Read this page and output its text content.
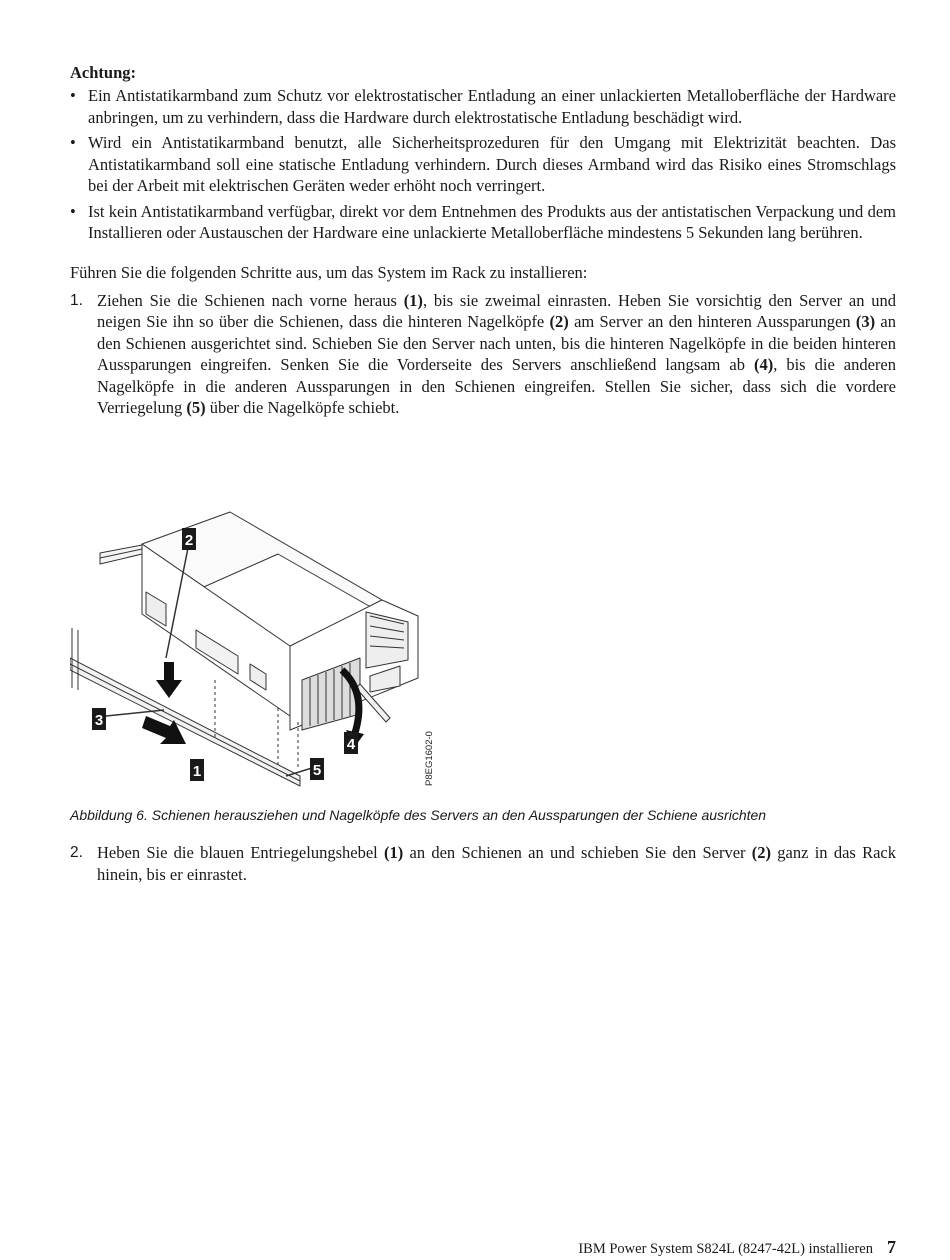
Achtung:
• Ein Antistatikarmband zum Schutz vor elektrostatischer Entladung an einer unlackierten Metalloberfläche der Hardware anbringen, um zu verhindern, dass die Hardware durch elektrostatische Entladung beschädigt wird.
• Wird ein Antistatikarmband benutzt, alle Sicherheitsprozeduren für den Umgang mit Elektrizität beachten. Das Antistatikarmband soll eine statische Entladung verhindern. Durch dieses Armband wird das Risiko eines Stromschlags bei der Arbeit mit elektrischen Geräten weder erhöht noch verringert.
• Ist kein Antistatikarmband verfügbar, direkt vor dem Entnehmen des Produkts aus der antistatischen Verpackung und dem Installieren oder Austauschen der Hardware eine unlackierte Metalloberfläche mindestens 5 Sekunden lang berühren.
Führen Sie die folgenden Schritte aus, um das System im Rack zu installieren:
1. Ziehen Sie die Schienen nach vorne heraus (1), bis sie zweimal einrasten. Heben Sie vorsichtig den Server an und neigen Sie ihn so über die Schienen, dass die hinteren Nagelköpfe (2) am Server an den hinteren Aussparungen (3) an den Schienen ausgerichtet sind. Schieben Sie den Server nach unten, bis die hinteren Nagelköpfe in die beiden hinteren Aussparungen eingreifen. Senken Sie die Vorderseite des Servers anschließend langsam ab (4), bis die anderen Nagelköpfe in die anderen Aussparungen in den Schienen eingreifen. Stellen Sie sicher, dass sich die vordere Verriegelung (5) über die Nagelköpfe schiebt.
2
3
1
4
5	P8EG1602-0
Abbildung 6. Schienen herausziehen und Nagelköpfe des Servers an den Aussparungen der Schiene ausrichten
2. Heben Sie die blauen Entriegelungshebel (1) an den Schienen an und schieben Sie den Server (2) ganz in das Rack hinein, bis er einrastet.
IBM Power System S824L (8247-42L) installieren 7
